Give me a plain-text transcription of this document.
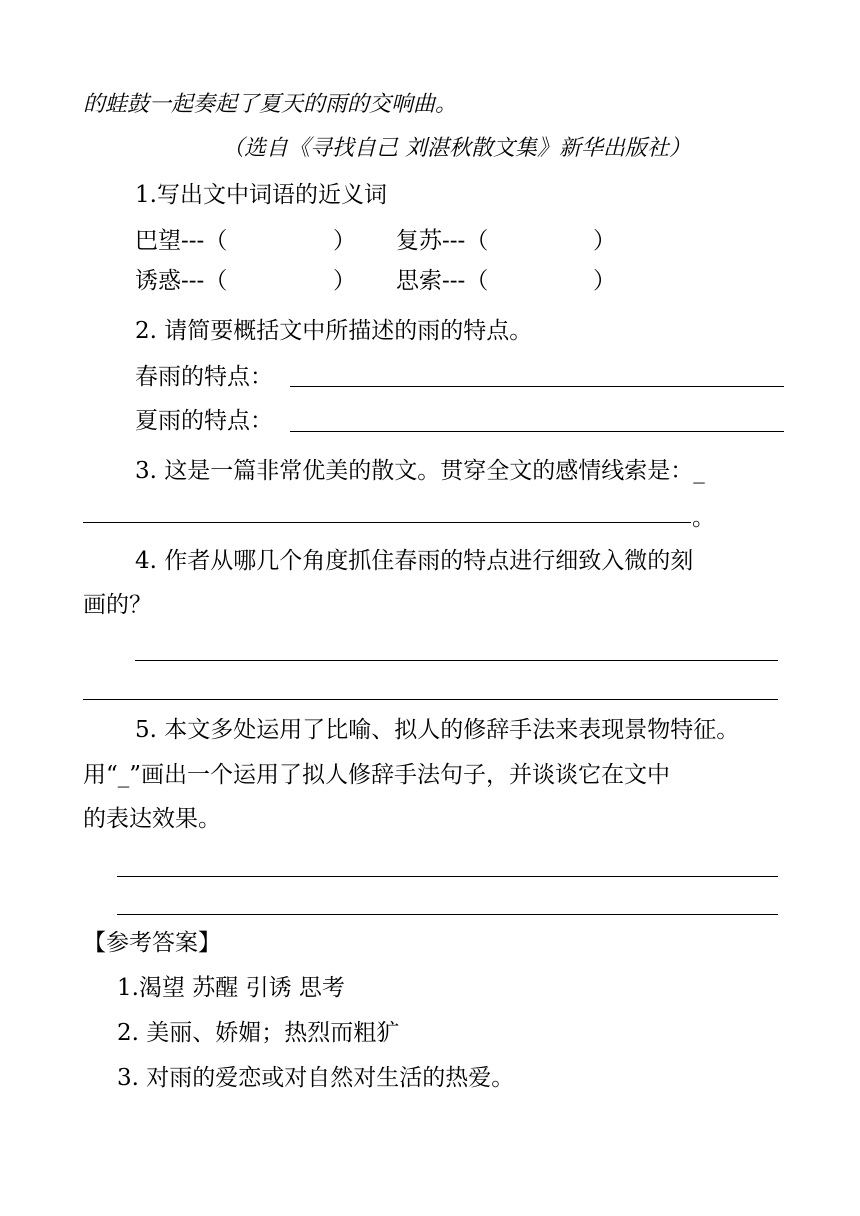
的蛙鼓一起奏起了夏天的雨的交响曲。
（选自《寻找自己 刘湛秋散文集》新华出版社）
1.写出文中词语的近义词
巴望---（	） 复苏---（	）
诱惑---（	） 思索---（	）
2. 请简要概括文中所描述的雨的特点。
春雨的特点：
夏雨的特点：
3. 这是一篇非常优美的散文。贯穿全文的感情线索是：_
。
4. 作者从哪几个角度抓住春雨的特点进行细致入微的刻
画的？
5. 本文多处运用了比喻、拟人的修辞手法来表现景物特征。
用“_”画出一个运用了拟人修辞手法句子，并谈谈它在文中
的表达效果。
【参考答案】
1.渴望 苏醒 引诱 思考
2. 美丽、娇媚；热烈而粗犷
3. 对雨的爱恋或对自然对生活的热爱。
